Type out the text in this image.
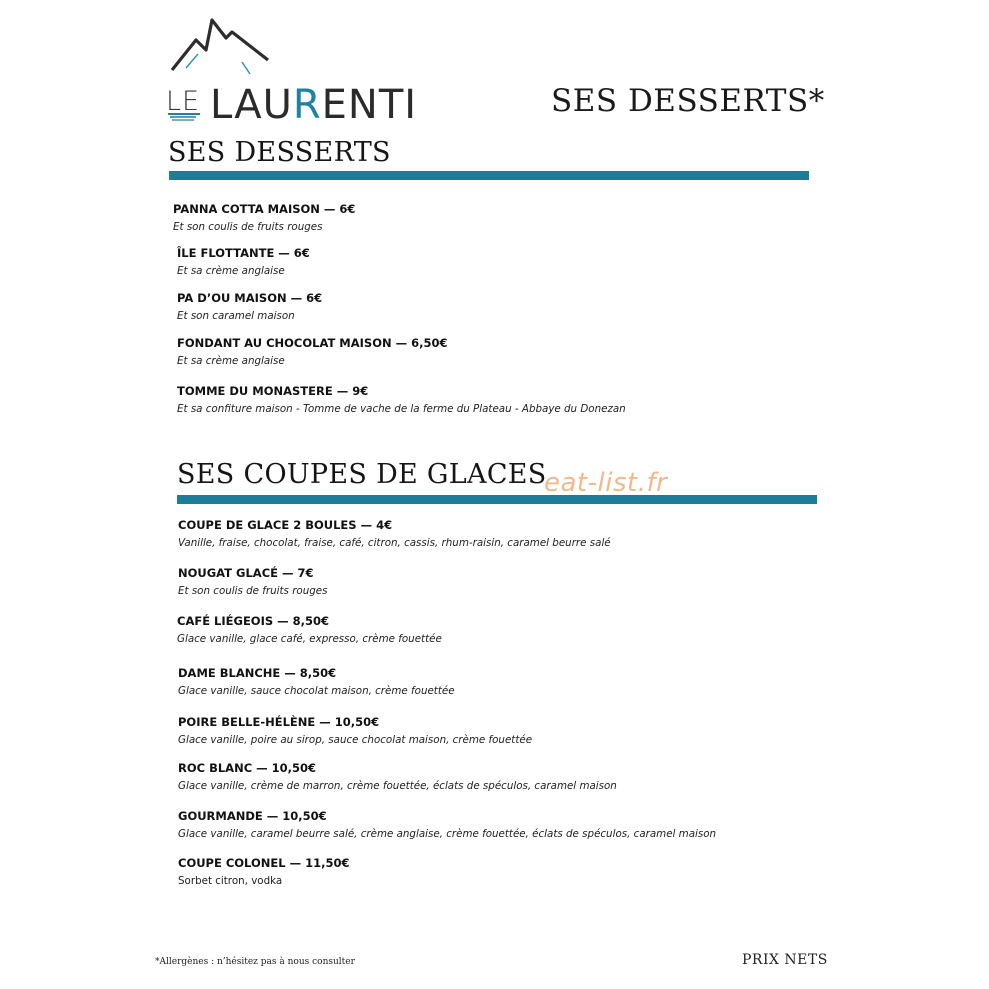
LE LAURENTI	SES DESSERTS*
SES DESSERTS
PANNA COTTA MAISON — 6€
Et son coulis de fruits rouges
ÎLE FLOTTANTE — 6€
Et sa crème anglaise
PA D’OU MAISON — 6€
Et son caramel maison
FONDANT AU CHOCOLAT MAISON — 6,50€
Et sa crème anglaise
TOMME DU MONASTERE — 9€
Et sa confiture maison - Tomme de vache de la ferme du Plateau - Abbaye du Donezan
SES COUPES DE GLACES
eat-list.fr
COUPE DE GLACE 2 BOULES — 4€
Vanille, fraise, chocolat, fraise, café, citron, cassis, rhum-raisin, caramel beurre salé
NOUGAT GLACÉ — 7€
Et son coulis de fruits rouges
CAFÉ LIÉGEOIS — 8,50€
Glace vanille, glace café, expresso, crème fouettée
DAME BLANCHE — 8,50€
Glace vanille, sauce chocolat maison, crème fouettée
POIRE BELLE-HÉLÈNE — 10,50€
Glace vanille, poire au sirop, sauce chocolat maison, crème fouettée
ROC BLANC — 10,50€
Glace vanille, crème de marron, crème fouettée, éclats de spéculos, caramel maison
GOURMANDE — 10,50€
Glace vanille, caramel beurre salé, crème anglaise, crème fouettée, éclats de spéculos, caramel maison
COUPE COLONEL — 11,50€
Sorbet citron, vodka
*Allergènes : n’hésitez pas à nous consulter	PRIX NETS
